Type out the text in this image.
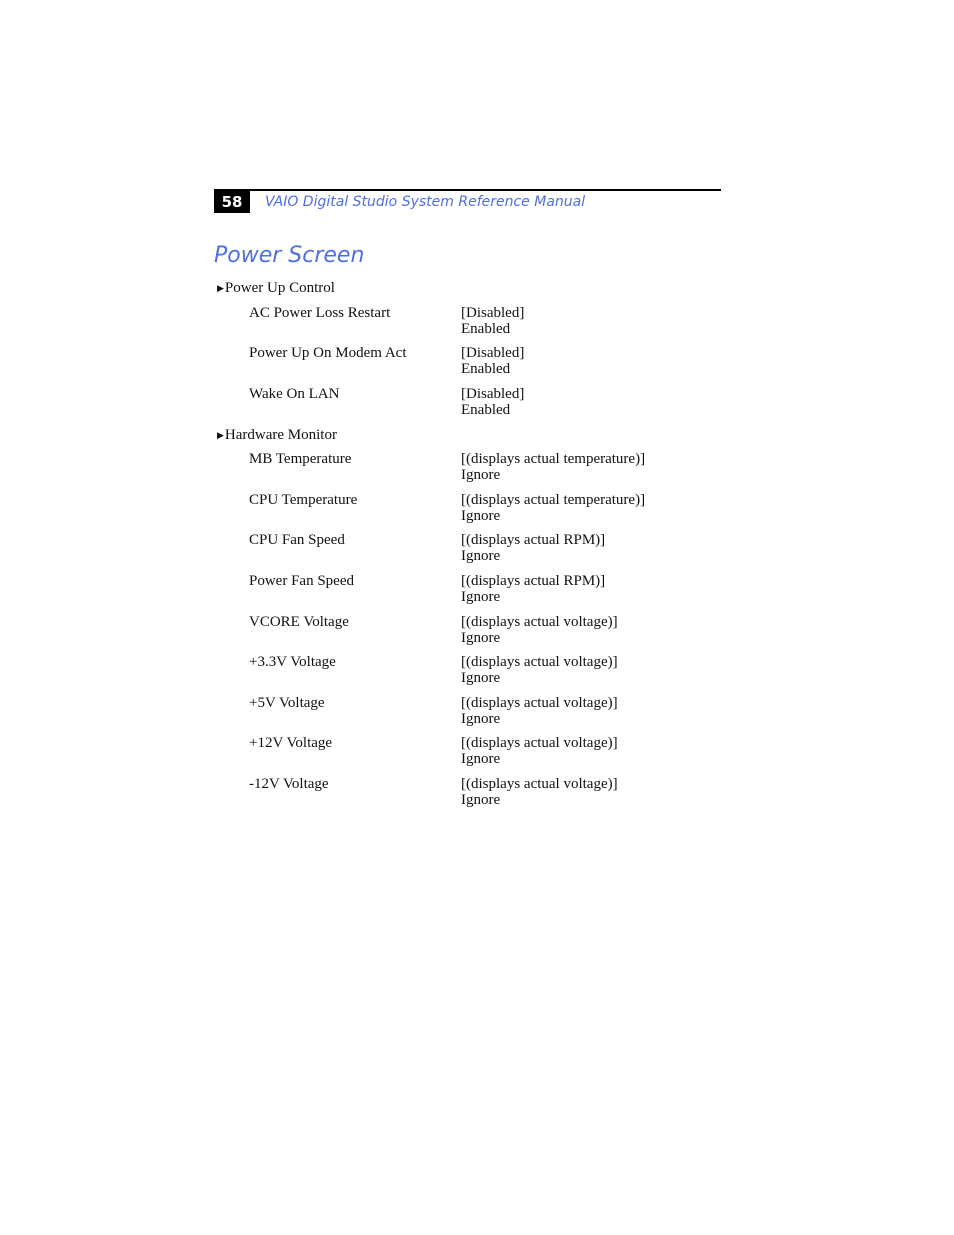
58	VAIO Digital Studio System Reference Manual
Power Screen
▶Power Up Control
AC Power Loss Restart	[Disabled]
Enabled
Power Up On Modem Act	[Disabled]
Enabled
Wake On LAN	[Disabled]
Enabled
▶Hardware Monitor
MB Temperature	[(displays actual temperature)]
Ignore
CPU Temperature	[(displays actual temperature)]
Ignore
CPU Fan Speed	[(displays actual RPM)]
Ignore
Power Fan Speed	[(displays actual RPM)]
Ignore
VCORE Voltage	[(displays actual voltage)]
Ignore
+3.3V Voltage	[(displays actual voltage)]
Ignore
+5V Voltage	[(displays actual voltage)]
Ignore
+12V Voltage	[(displays actual voltage)]
Ignore
-12V Voltage	[(displays actual voltage)]
Ignore
